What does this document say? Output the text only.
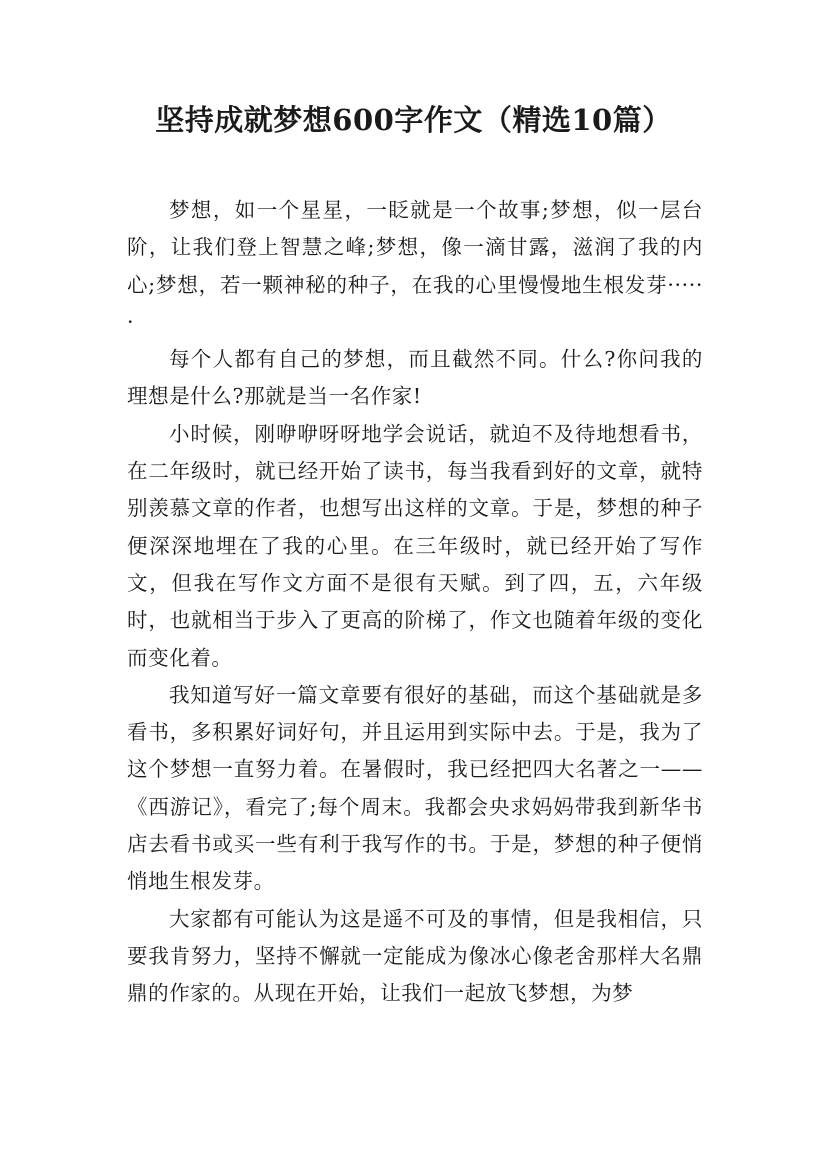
坚持成就梦想600字作文（精选10篇）

梦想，如一个星星，一眨就是一个故事;梦想，似一层台阶，让我们登上智慧之峰;梦想，像一滴甘露，滋润了我的内心;梦想，若一颗神秘的种子，在我的心里慢慢地生根发芽······

每个人都有自己的梦想，而且截然不同。什么?你问我的理想是什么?那就是当一名作家!

小时候，刚咿咿呀呀地学会说话，就迫不及待地想看书，在二年级时，就已经开始了读书，每当我看到好的文章，就特别羡慕文章的作者，也想写出这样的文章。于是，梦想的种子便深深地埋在了我的心里。在三年级时，就已经开始了写作文，但我在写作文方面不是很有天赋。到了四，五，六年级时，也就相当于步入了更高的阶梯了，作文也随着年级的变化而变化着。

我知道写好一篇文章要有很好的基础，而这个基础就是多看书，多积累好词好句，并且运用到实际中去。于是，我为了这个梦想一直努力着。在暑假时，我已经把四大名著之一——《西游记》，看完了;每个周末。我都会央求妈妈带我到新华书店去看书或买一些有利于我写作的书。于是，梦想的种子便悄悄地生根发芽。

大家都有可能认为这是遥不可及的事情，但是我相信，只要我肯努力，坚持不懈就一定能成为像冰心像老舍那样大名鼎鼎的作家的。从现在开始，让我们一起放飞梦想，为梦
